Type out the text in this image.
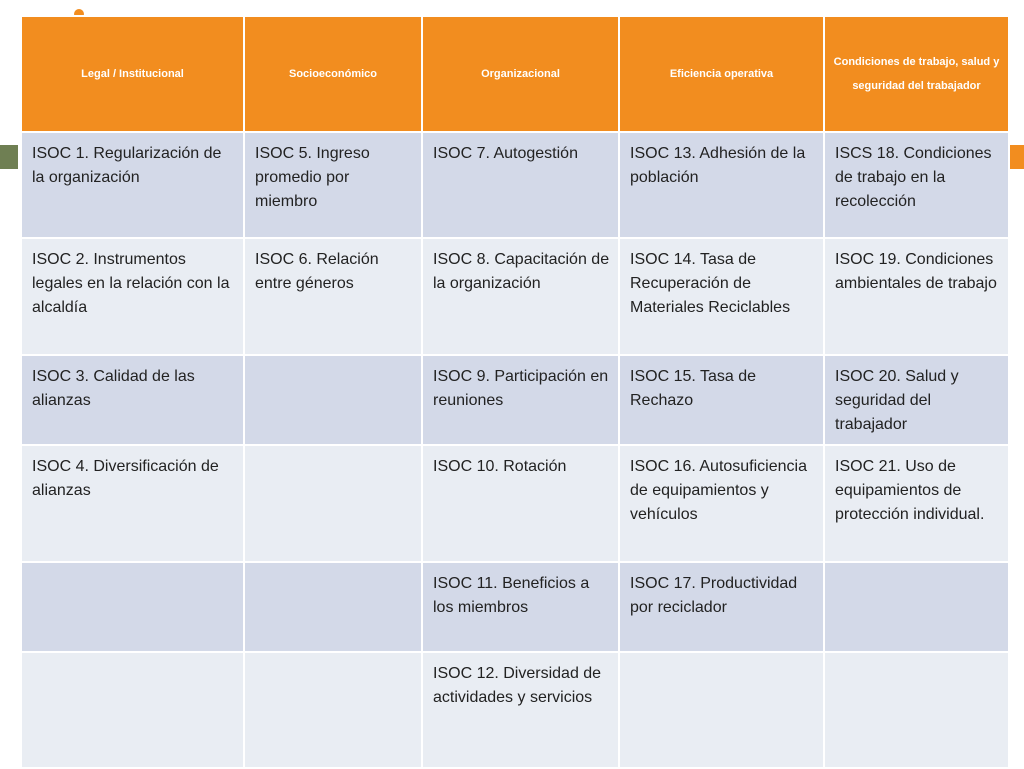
Legal / Institucional	Socioeconómico	Organizacional	Eficiencia operativa	Condiciones de trabajo, salud y seguridad del trabajador
ISOC 1. Regularización de la organización	ISOC 5. Ingreso promedio por miembro	ISOC 7. Autogestión	ISOC 13. Adhesión de la población	ISCS 18. Condiciones de trabajo en la recolección
ISOC 2. Instrumentos legales en la relación con la alcaldía	ISOC 6. Relación entre géneros	ISOC 8. Capacitación de la organización	ISOC 14. Tasa de Recuperación de Materiales Reciclables	ISOC 19. Condiciones ambientales de trabajo
ISOC 3. Calidad de las alianzas		ISOC 9. Participación en reuniones	ISOC 15. Tasa de Rechazo	ISOC 20. Salud y seguridad del trabajador
ISOC 4. Diversificación de alianzas		ISOC 10. Rotación	ISOC 16. Autosuficiencia de equipamientos y vehículos	ISOC 21. Uso de equipamientos de protección individual.
		ISOC 11. Beneficios a los miembros	ISOC 17. Productividad por reciclador	
		ISOC 12. Diversidad de actividades y servicios		
